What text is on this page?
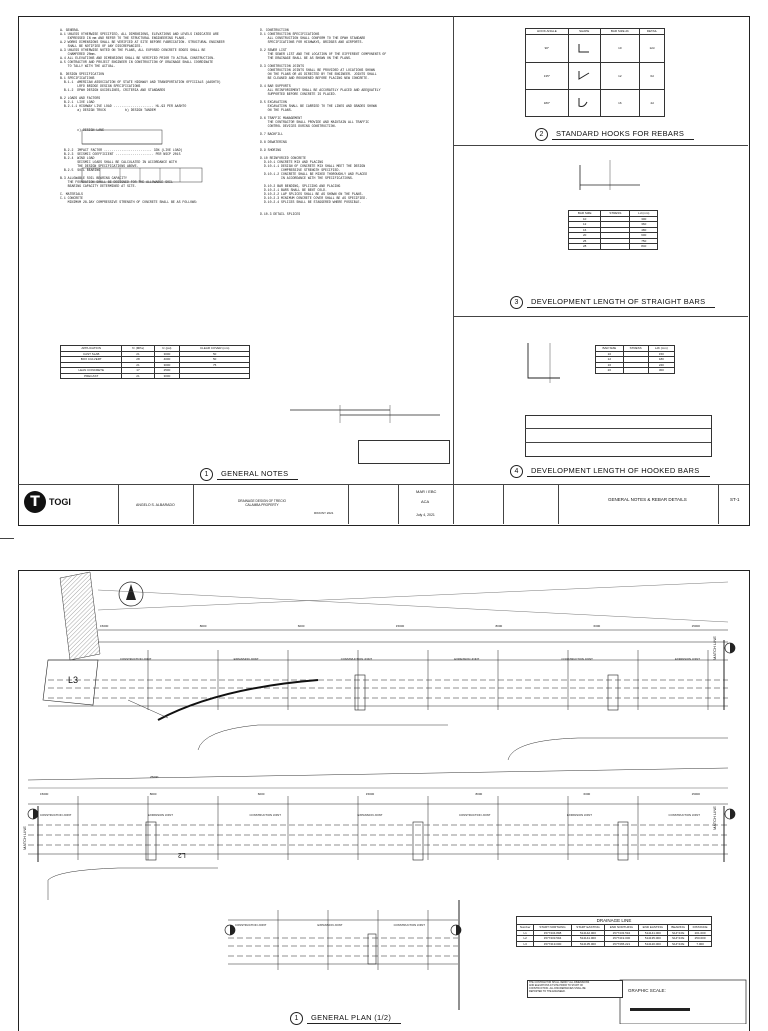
A. GENERAL
A.1 UNLESS OTHERWISE SPECIFIED, ALL DIMENSIONS, ELEVATIONS AND LEVELS INDICATED ARE
EXPRESSED IN mm AND REFER TO THE STRUCTURAL ENGINEERING PLANS.
A.2 WORKS DIMENSIONS SHALL BE VERIFIED AT SITE BEFORE FABRICATION. STRUCTURAL ENGINEER
SHALL BE NOTIFIED OF ANY DISCREPANCIES.
A.3 UNLESS OTHERWISE NOTED ON THE PLANS, ALL EXPOSED CONCRETE EDGES SHALL BE
CHAMFERED 20mm.
A.4 ALL ELEVATIONS AND DIMENSIONS SHALL BE VERIFIED PRIOR TO ACTUAL CONSTRUCTION.
A.5 CONTRACTOR AND PROJECT ENGINEER IN CONSTRUCTION OF DRAINAGE SHALL COORDINATE
TO TALLY WITH THE ACTUAL.

B. DESIGN SPECIFICATION
B.1 SPECIFICATIONS
B.1.1  AMERICAN ASSOCIATION OF STATE HIGHWAY AND TRANSPORTATION OFFICIALS (AASHTO)
LRFD BRIDGE DESIGN SPECIFICATIONS
B.1.2  DPWH DESIGN GUIDELINES, CRITERIA AND STANDARDS

B.2 LOADS AND FACTORS
B.2.1  LIVE LOAD
B.2.1.1 HIGHWAY LIVE LOAD ..................... HL-93 PER AASHTO
a) DESIGN TRUCK          b) DESIGN TANDEM

c) DESIGN LANE

B.2.2  IMPACT FACTOR ......................... 33% (LIVE LOAD)
B.2.3  SEISMIC COEFFICIENT .................... PER NSCP 2015
B.2.4  WIND LOAD
SEISMIC LOADS SHALL BE CALCULATED IN ACCORDANCE WITH
THE DESIGN SPECIFICATIONS ABOVE.
B.2.5  SOIL BEARING

B.3 ALLOWABLE SOIL BEARING CAPACITY
THE FOUNDATION SHALL BE DESIGNED FOR THE ALLOWABLE SOIL
BEARING CAPACITY DETERMINED AT SITE.

C. MATERIALS
C.1 CONCRETE
MINIMUM 28-DAY COMPRESSIVE STRENGTH OF CONCRETE SHALL BE AS FOLLOWS:
APPLICATION	f'c (MPa)	fc (psi)	CLEAR COVER (mm)
CAST SLAB	21	3000	50
BOX CULVERT	28	4000	50
	21	3000	75
LEAN CONCRETE	17	2500	
PRECAST	21	3000	
D. CONSTRUCTION
D.1 CONSTRUCTION SPECIFICATIONS
ALL CONSTRUCTION SHALL CONFORM TO THE DPWH STANDARD
SPECIFICATIONS FOR HIGHWAYS, BRIDGES AND AIRPORTS.

D.2 SEWER LIST
THE SEWER LIST AND THE LOCATION OF THE DIFFERENT COMPONENTS OF
THE DRAINAGE SHALL BE AS SHOWN ON THE PLANS.

D.3 CONSTRUCTION JOINTS
CONSTRUCTION JOINTS SHALL BE PROVIDED AT LOCATIONS SHOWN
ON THE PLANS OR AS DIRECTED BY THE ENGINEER. JOINTS SHALL
BE CLEANED AND ROUGHENED BEFORE PLACING NEW CONCRETE.

D.4 BAR SUPPORTS
ALL REINFORCEMENT SHALL BE ACCURATELY PLACED AND ADEQUATELY
SUPPORTED BEFORE CONCRETE IS PLACED.

D.5 EXCAVATION
EXCAVATION SHALL BE CARRIED TO THE LINES AND GRADES SHOWN
ON THE PLANS.

D.6 TRAFFIC MANAGEMENT
THE CONTRACTOR SHALL PROVIDE AND MAINTAIN ALL TRAFFIC
CONTROL DEVICES DURING CONSTRUCTION.

D.7 BACKFILL

D.8 DEWATERING

D.9 SHORING

D.10 REINFORCED CONCRETE
D.10.1 CONCRETE MIX AND PLACING
D.10.1.1 DESIGN OF CONCRETE MIX SHALL MEET THE DESIGN
COMPRESSIVE STRENGTH SPECIFIED.
D.10.1.2 CONCRETE SHALL BE MIXED THOROUGHLY AND PLACED
IN ACCORDANCE WITH THE SPECIFICATIONS.

D.10.2 BAR BENDING, SPLICING AND PLACING
D.10.2.1 BARS SHALL BE BENT COLD.
D.10.2.2 LAP SPLICES SHALL BE AS SHOWN ON THE PLANS.
D.10.2.3 MINIMUM CONCRETE COVER SHALL BE AS SPECIFIED.
D.10.2.4 SPLICES SHALL BE STAGGERED WHERE POSSIBLE.

D.10.3 DETAIL SPLICES
1	GENERAL NOTES
HOOK ANGLE	SHAPE	BAR SIZE db	DETAIL
90°		10	12d
135°		12	6d
180°		16	4d
2	STANDARD HOOKS FOR REBARS
BAR SIZE	STRESS	Ld (mm)
10		300
12		360
16		480
20		600
25		750
28		840
3	DEVELOPMENT LENGTH OF STRAIGHT BARS
BAR SIZE	STRESS	Ldh (mm)
10		150
12		180
16		240
20		300
4	DEVELOPMENT LENGTH OF HOOKED BARS
T	TOGI	ANGELO S. ALBARADO
DRAINAGE DESIGN OF TRECIO
CALAMBA PROPERTY
RIKKINY 2021
MAR / EBC
ACA
July 4, 2021
GENERAL NOTES & REBAR DETAILS	ST-1
L3
L2
25000
CONSTRUCTION JOINT	EXPANSION JOINT	CONSTRUCTION JOINT	EXPANSION JOINT	CONSTRUCTION JOINT	EXPANSION JOINT
CONSTRUCTION JOINT	EXPANSION JOINT	CONSTRUCTION JOINT	EXPANSION JOINT	CONSTRUCTION JOINT	EXPANSION JOINT	CONSTRUCTION JOINT
CONSTRUCTION JOINT	EXPANSION JOINT	CONSTRUCTION JOINT
15000	8000	6000	15000	8000	6000	15000
15000	8000	6000	15000	8000	6000	15000
MATCH LINE
MATCH LINE
MATCH LINE
DRAINAGE LINE
Number	START NORTHING	START EASTING	END NORTHING	END EASTING	BEARING	DISTANCE
L1	1577434.898	514142.000	1577433.594	514141.000	S14°24'E	201.000
L2	1577433.594	514141.000	1577419.000	514135.000	S14°24'E	250.000
L3	1577419.000	514135.000	1577365.221	514120.000	S14°24'E	7.000
THE CONTRACTOR SHALL VERIFY ALL DIMENSIONS
AND ELEVATIONS AT SITE PRIOR TO START OF
CONSTRUCTION. ALL DISCREPANCIES SHALL BE
REPORTED TO THE ENGINEER.	GRAPHIC SCALE:
1	GENERAL PLAN (1/2)
